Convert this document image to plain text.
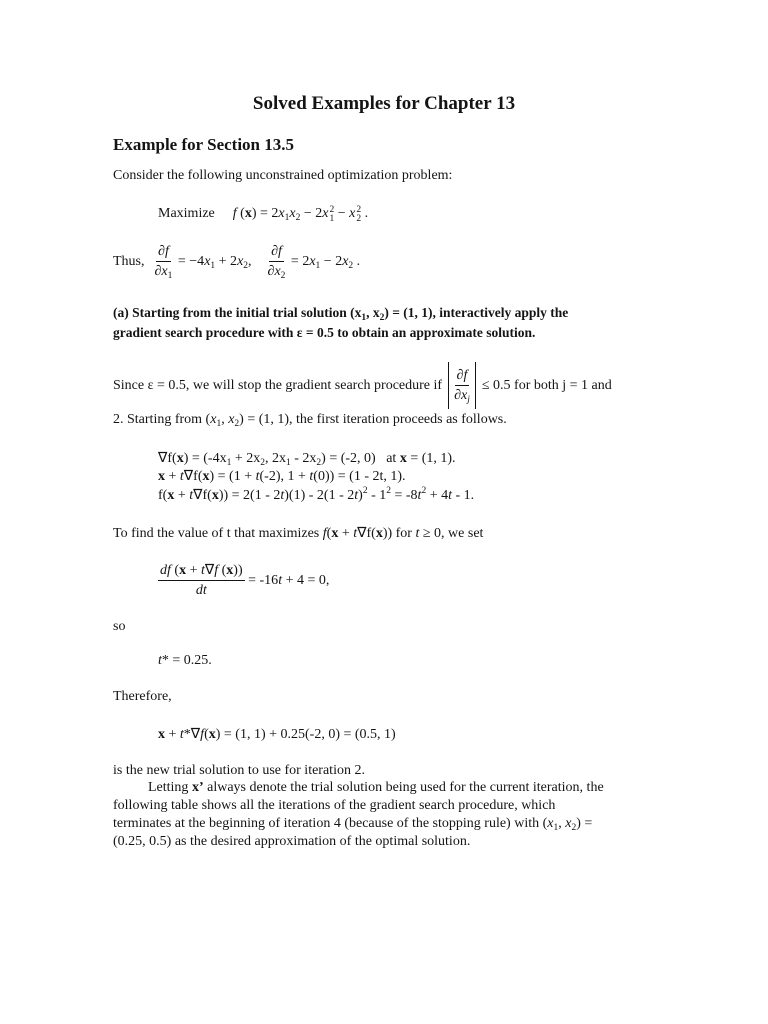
Solved Examples for Chapter 13
Example for Section 13.5
Consider the following unconstrained optimization problem:
Maximize f $(x) = 2x_1x_2 - 2x$ 2
1 − x 2
2 .
Thus, $\frac{\partial f}{\partial x_1} = -4x_1 + 2x_2$, $\frac{\partial f}{\partial x_2} = 2x_1 - 2x_2$ .
(a) Starting from the initial trial solution ($x_1$, $x_2) = (1$, 1), interactively apply the
gradient search procedure with ε = 0.5 to obtain an approximate solution.
Since ε = 0.5, we will stop the gradient search procedure if $\frac{\partial f}{\partial x_j} \le 0.5$ for both j = 1 and
2. Starting from ($x_1$, $x_2) = (1$, 1), the first iteration proceeds as follows.
$\nabla f(x) = (-4x_1 + 2x_2$, $2x_1 - 2x_2) = (-2$, 0)   at x = (1, 1).
x + t∇f(x) = (1 + t(-2), 1 + t(0)) = (1 - 2t, 1).
$f(x + t\nabla f(x)) = 2(1 - 2t)(1) - 2(1 - 2t)^2 - 1^2 = -8t^2 + 4t - 1$.
To find the value of t that maximizes f(x + t∇f(x)) for t ≥ 0, we set
$\frac{df (x + t\nabla f (x))}{dt} = -16t + 4 = 0$,
so
t* = 0.25.
Therefore,
x + t*∇f(x) = (1, 1) + 0.25(-2, 0) = (0.5, 1)
is the new trial solution to use for iteration 2.
Letting x’ always denote the trial solution being used for the current iteration, the
following table shows all the iterations of the gradient search procedure, which
terminates at the beginning of iteration 4 (because of the stopping rule) with ($x_1$, $x_2$) =
(0.25, 0.5) as the desired approximation of the optimal solution.
